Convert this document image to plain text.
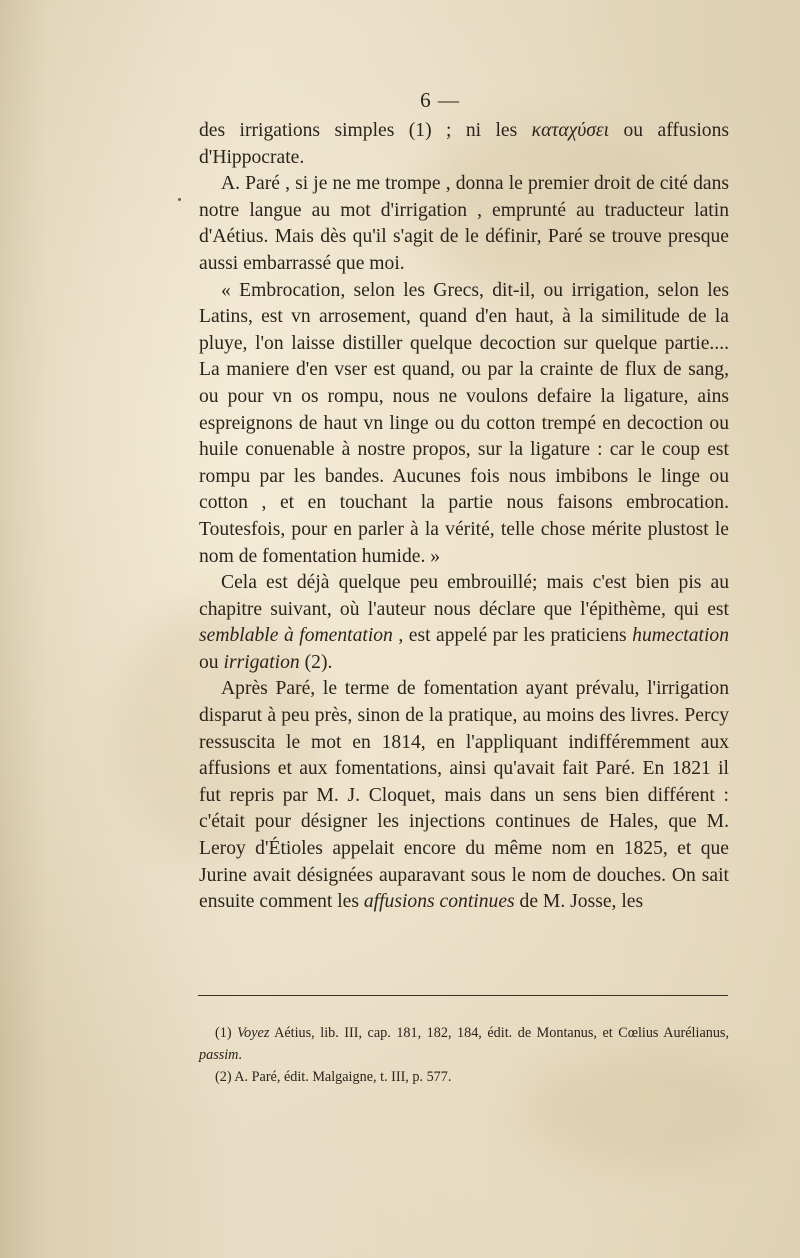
6 —

des irrigations simples (1) ; ni les καταχύσει ou affusions d'Hippocrate.

A. Paré , si je ne me trompe , donna le premier droit de cité dans notre langue au mot d'irrigation , emprunté au traducteur latin d'Aétius. Mais dès qu'il s'agit de le définir, Paré se trouve presque aussi embarrassé que moi.

« Embrocation, selon les Grecs, dit-il, ou irrigation, selon les Latins, est vn arrosement, quand d'en haut, à la similitude de la pluye, l'on laisse distiller quelque decoction sur quelque partie.... La maniere d'en vser est quand, ou par la crainte de flux de sang, ou pour vn os rompu, nous ne voulons defaire la ligature, ains espreignons de haut vn linge ou du cotton trempé en decoction ou huile conuenable à nostre propos, sur la ligature : car le coup est rompu par les bandes. Aucunes fois nous imbibons le linge ou cotton , et en touchant la partie nous faisons embrocation. Toutesfois, pour en parler à la vérité, telle chose mérite plustost le nom de fomentation humide. »

Cela est déjà quelque peu embrouillé; mais c'est bien pis au chapitre suivant, où l'auteur nous déclare que l'épithème, qui est semblable à fomentation , est appelé par les praticiens humectation ou irrigation (2).

Après Paré, le terme de fomentation ayant prévalu, l'irrigation disparut à peu près, sinon de la pratique, au moins des livres. Percy ressuscita le mot en 1814, en l'appliquant indifféremment aux affusions et aux fomentations, ainsi qu'avait fait Paré. En 1821 il fut repris par M. J. Cloquet, mais dans un sens bien différent : c'était pour désigner les injections continues de Hales, que M. Leroy d'Étioles appelait encore du même nom en 1825, et que Jurine avait désignées auparavant sous le nom de douches. On sait ensuite comment les affusions continues de M. Josse, les

(1) Voyez Aétius, lib. III, cap. 181, 182, 184, édit. de Montanus, et Cœlius Aurélianus, passim.

(2) A. Paré, édit. Malgaigne, t. III, p. 577.
